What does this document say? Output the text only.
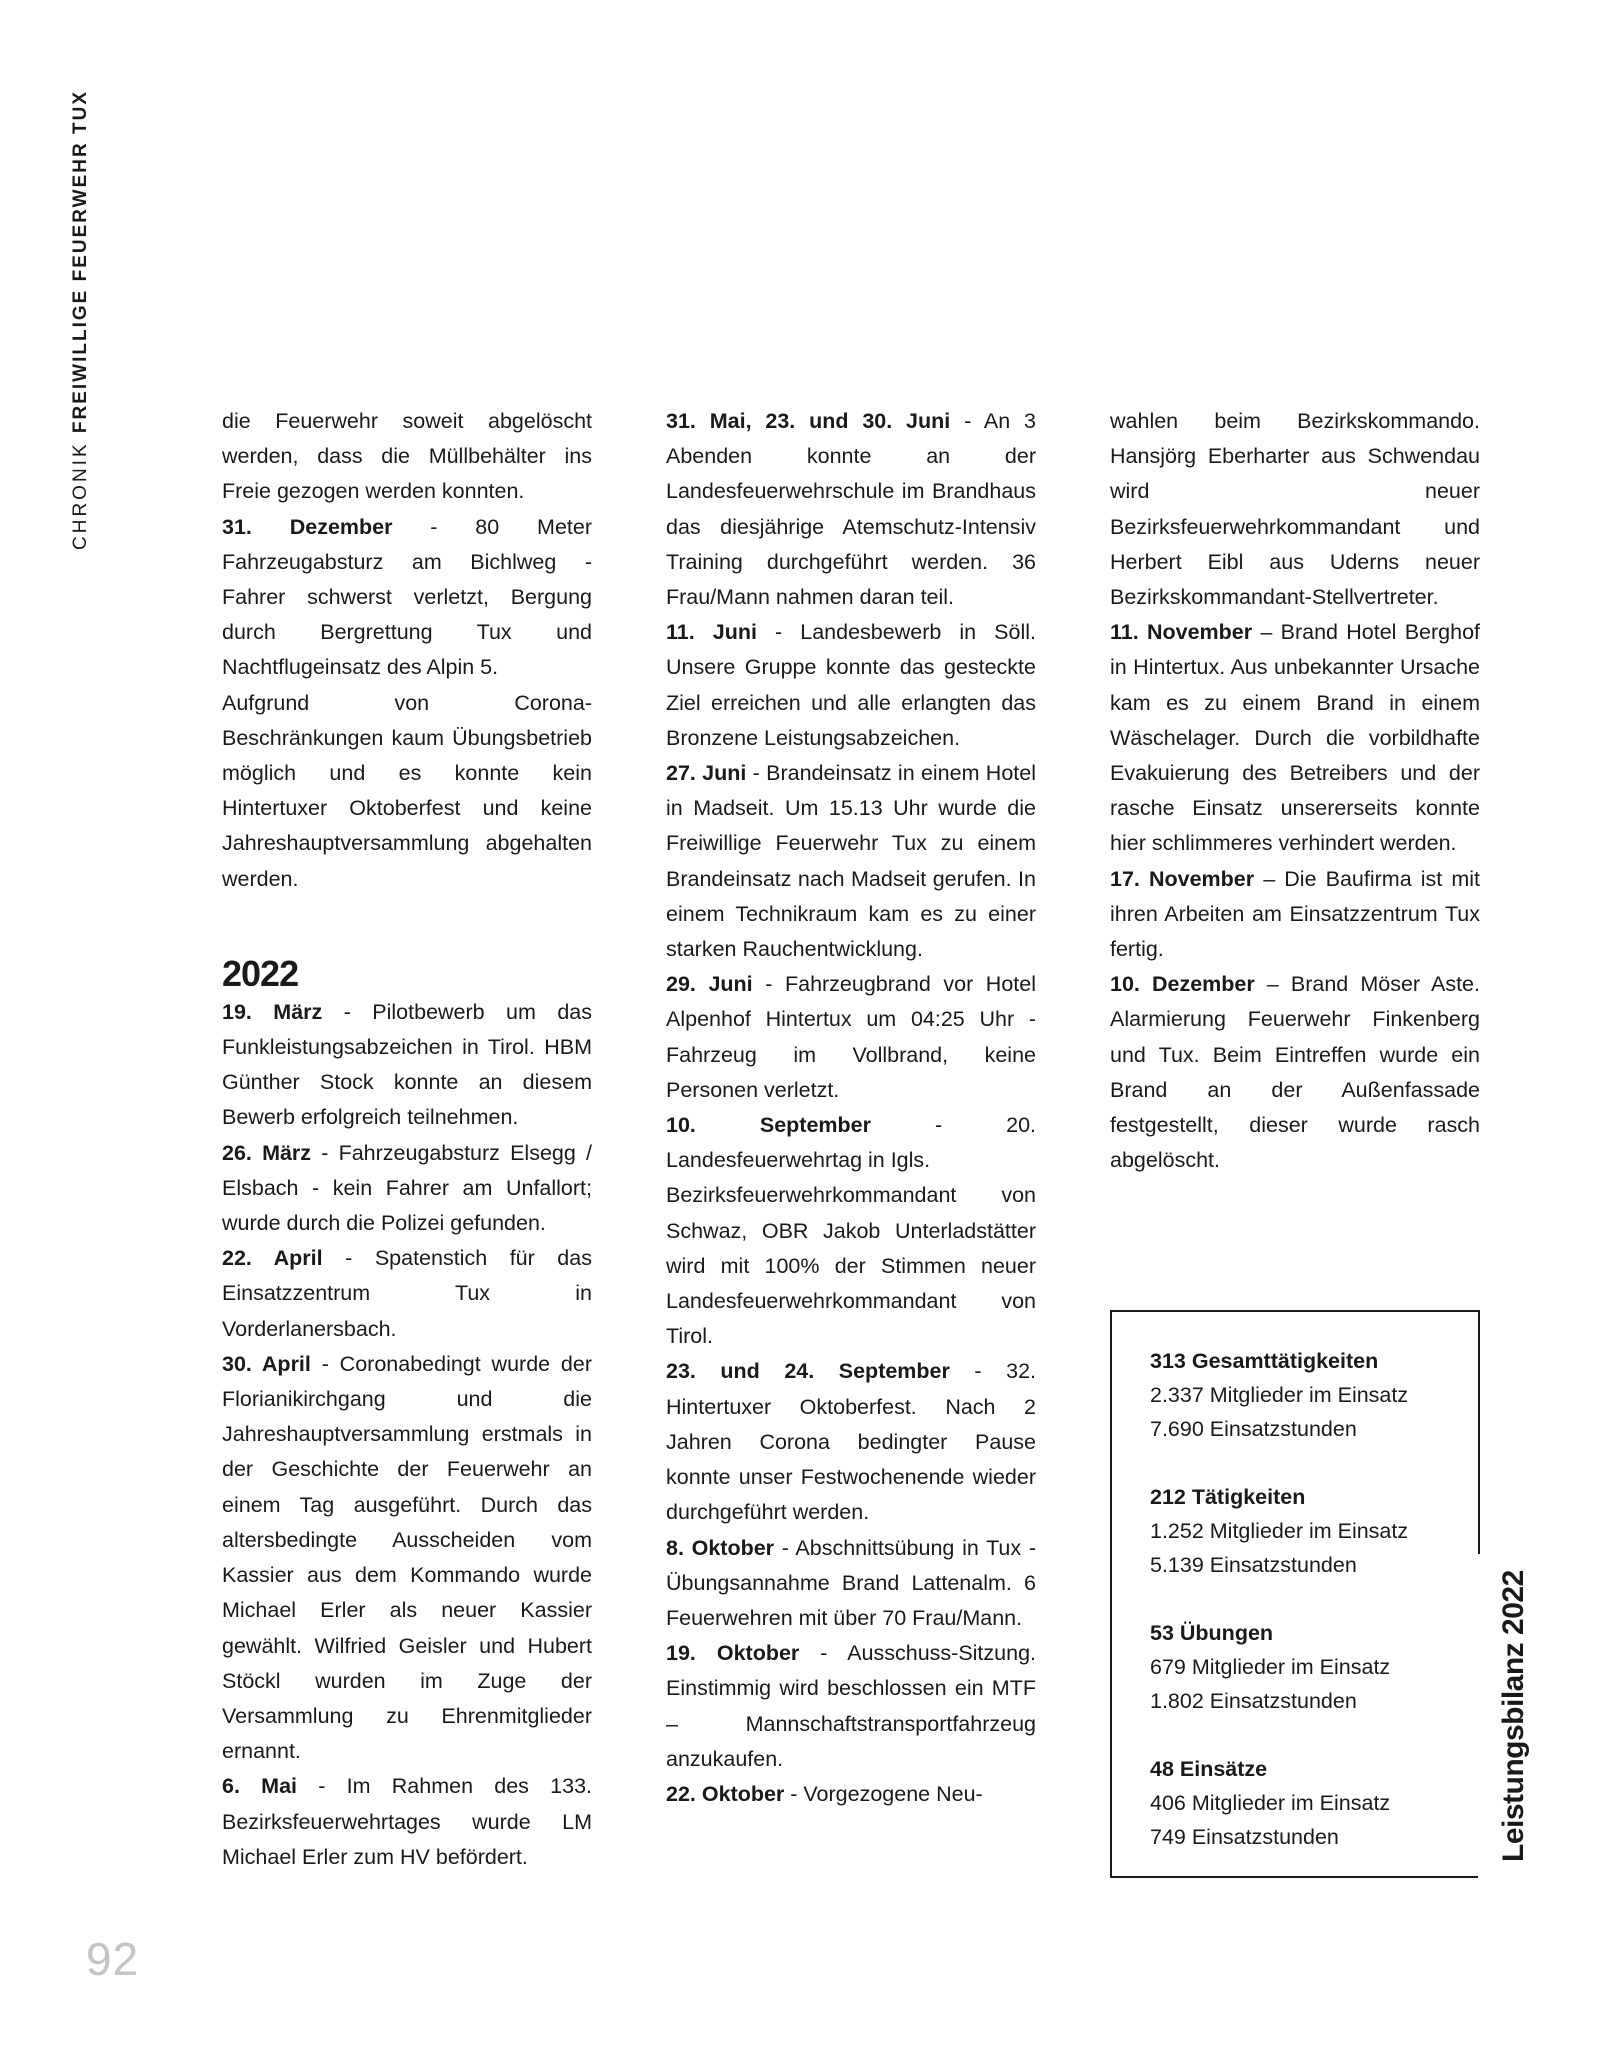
CHRONIK FREIWILLIGE FEUERWEHR TUX	die Feuerwehr soweit abgelöscht werden, dass die Müllbehälter ins Freie gezogen werden konnten.

31. Dezember - 80 Meter Fahrzeugabsturz am Bichlweg - Fahrer schwerst verletzt, Bergung durch Bergrettung Tux und Nachtflugeinsatz des Alpin 5.

Aufgrund von Corona-Beschränkungen kaum Übungsbetrieb möglich und es konnte kein Hintertuxer Oktoberfest und keine Jahreshauptversammlung abgehalten werden.

2022

19. März - Pilotbewerb um das Funkleistungsabzeichen in Tirol. HBM Günther Stock konnte an diesem Bewerb erfolgreich teilnehmen.

26. März - Fahrzeugabsturz Elsegg / Elsbach - kein Fahrer am Unfallort; wurde durch die Polizei gefunden.

22. April - Spatenstich für das Einsatzzentrum Tux in Vorderlanersbach.

30. April - Coronabedingt wurde der Florianikirchgang und die Jahreshauptversammlung erstmals in der Geschichte der Feuerwehr an einem Tag ausgeführt. Durch das altersbedingte Ausscheiden vom Kassier aus dem Kommando wurde Michael Erler als neuer Kassier gewählt. Wilfried Geisler und Hubert Stöckl wurden im Zuge der Versammlung zu Ehrenmitglieder ernannt.

6. Mai - Im Rahmen des 133. Bezirksfeuerwehrtages wurde LM Michael Erler zum HV befördert.

31. Mai, 23. und 30. Juni - An 3 Abenden konnte an der Landesfeuerwehrschule im Brandhaus das diesjährige Atemschutz-Intensiv Training durchgeführt werden. 36 Frau/Mann nahmen daran teil.

11. Juni - Landesbewerb in Söll. Unsere Gruppe konnte das gesteckte Ziel erreichen und alle erlangten das Bronzene Leistungsabzeichen.

27. Juni - Brandeinsatz in einem Hotel in Madseit. Um 15.13 Uhr wurde die Freiwillige Feuerwehr Tux zu einem Brandeinsatz nach Madseit gerufen. In einem Technikraum kam es zu einer starken Rauchentwicklung.

29. Juni - Fahrzeugbrand vor Hotel Alpenhof Hintertux um 04:25 Uhr - Fahrzeug im Vollbrand, keine Personen verletzt.

10. September - 20. Landesfeuerwehrtag in Igls.

Bezirksfeuerwehrkommandant von Schwaz, OBR Jakob Unterladstätter wird mit 100% der Stimmen neuer Landesfeuerwehrkommandant von Tirol.

23. und 24. September - 32. Hintertuxer Oktoberfest. Nach 2 Jahren Corona bedingter Pause konnte unser Festwochenende wieder durchgeführt werden.

8. Oktober - Abschnittsübung in Tux - Übungsannahme Brand Lattenalm. 6 Feuerwehren mit über 70 Frau/Mann.

19. Oktober - Ausschuss-Sitzung. Einstimmig wird beschlossen ein MTF – Mannschaftstransportfahrzeug anzukaufen.

22. Oktober - Vorgezogene Neu-

wahlen beim Bezirkskommando. Hansjörg Eberharter aus Schwendau wird neuer Bezirksfeuerwehrkommandant und Herbert Eibl aus Uderns neuer Bezirkskommandant-Stellvertreter.

11. November – Brand Hotel Berghof in Hintertux. Aus unbekannter Ursache kam es zu einem Brand in einem Wäschelager. Durch die vorbildhafte Evakuierung des Betreibers und der rasche Einsatz unsererseits konnte hier schlimmeres verhindert werden.

17. November – Die Baufirma ist mit ihren Arbeiten am Einsatzzentrum Tux fertig.

10. Dezember – Brand Möser Aste. Alarmierung Feuerwehr Finkenberg und Tux. Beim Eintreffen wurde ein Brand an der Außenfassade festgestellt, dieser wurde rasch abgelöscht.

313 Gesamttätigkeiten
2.337 Mitglieder im Einsatz
7.690 Einsatzstunden
212 Tätigkeiten
1.252 Mitglieder im Einsatz
5.139 Einsatzstunden
53 Übungen
679 Mitglieder im Einsatz
1.802 Einsatzstunden
48 Einsätze
406 Mitglieder im Einsatz
749 Einsatzstunden	Leistungsbilanz 2022
92
